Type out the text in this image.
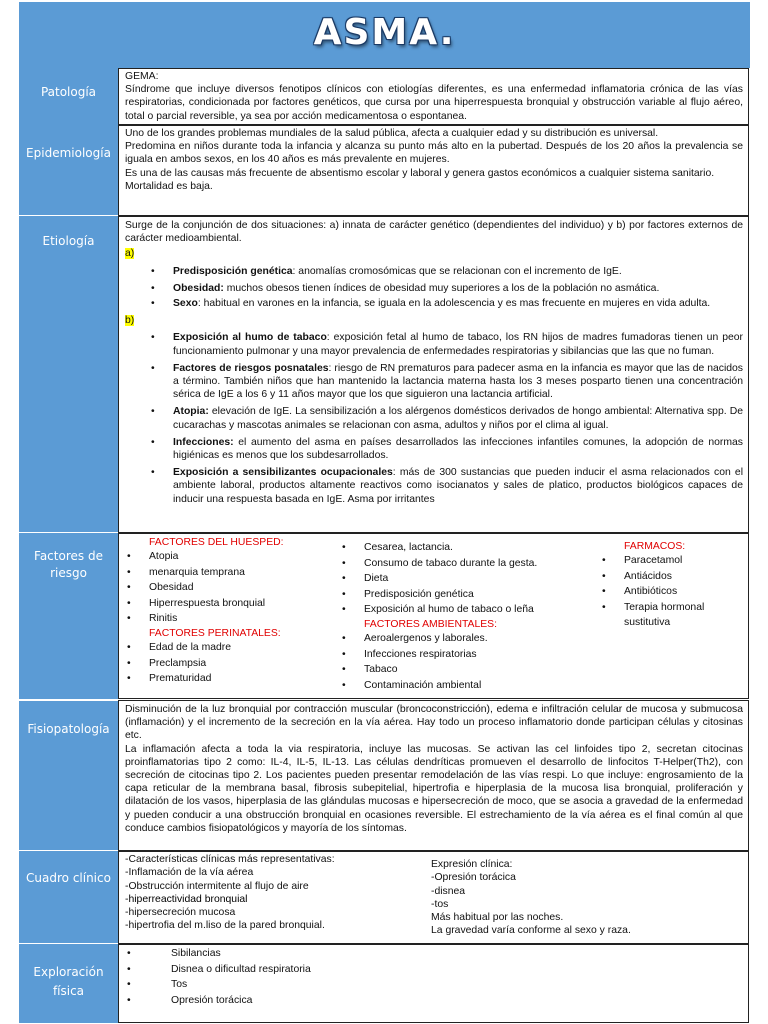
ASMA.
Patología

GEMA:

Síndrome que incluye diversos fenotipos clínicos con etiologías diferentes, es una enfermedad inflamatoria crónica de las vías respiratorias, condicionada por factores genéticos, que cursa por una hiperrespuesta bronquial y obstrucción variable al flujo aéreo, total o parcial reversible, ya sea por acción medicamentosa o espontanea.

Epidemiología

Uno de los grandes problemas mundiales de la salud pública, afecta a cualquier edad y su distribución es universal.

Predomina en niños durante toda la infancia y alcanza su punto más alto en la pubertad. Después de los 20 años la prevalencia se iguala en ambos sexos, en los 40 años es más prevalente en mujeres.

Es una de las causas más frecuente de absentismo escolar y laboral y genera gastos económicos a cualquier sistema sanitario.

Mortalidad es baja.

Etiología

Surge de la conjunción de dos situaciones: a) innata de carácter genético (dependientes del individuo) y b) por factores externos de carácter medioambiental.

a)

• Predisposición genética: anomalías cromosómicas que se relacionan con el incremento de IgE.
• Obesidad: muchos obesos tienen índices de obesidad muy superiores a los de la población no asmática.
• Sexo: habitual en varones en la infancia, se iguala en la adolescencia y es mas frecuente en mujeres en vida adulta.

b)

• Exposición al humo de tabaco: exposición fetal al humo de tabaco, los RN hijos de madres fumadoras tienen un peor funcionamiento pulmonar y una mayor prevalencia de enfermedades respiratorias y sibilancias que las que no fuman.
• Factores de riesgos posnatales: riesgo de RN prematuros para padecer asma en la infancia es mayor que las de nacidos a término. También niños que han mantenido la lactancia materna hasta los 3 meses posparto tienen una concentración sérica de IgE a los 6 y 11 años mayor que los que siguieron una lactancia artificial.
• Atopia: elevación de IgE. La sensibilización a los alérgenos domésticos derivados de hongo ambiental: Alternativa spp. De cucarachas y mascotas animales se relacionan con asma, adultos y niños por el clima al igual.
• Infecciones: el aumento del asma en países desarrollados las infecciones infantiles comunes, la adopción de normas higiénicas es menos que los subdesarrollados.
• Exposición a sensibilizantes ocupacionales: más de 300 sustancias que pueden inducir el asma relacionados con el ambiente laboral, productos altamente reactivos como isocianatos y sales de platico, productos biológicos capaces de inducir una respuesta basada en IgE. Asma por irritantes
Factores de riesgo
FACTORES DEL HUESPED:
• Atopia
• menarquia temprana
• Obesidad
• Hiperrespuesta bronquial
• Rinitis
FACTORES PERINATALES:
• Edad de la madre
• Preclampsia
• Prematuridad
• Cesarea, lactancia.
• Consumo de tabaco durante la gesta.
• Dieta
• Predisposición genética
• Exposición al humo de tabaco o leña
FACTORES AMBIENTALES:
• Aeroalergenos y laborales.
• Infecciones respiratorias
• Tabaco
• Contaminación ambiental
FARMACOS:
• Paracetamol
• Antiácidos
• Antibióticos
• Terapia hormonal sustitutiva
Fisiopatología

Disminución de la luz bronquial por contracción muscular (broncoconstricción), edema e infiltración celular de mucosa y submucosa (inflamación) y el incremento de la secreción en la vía aérea. Hay todo un proceso inflamatorio donde participan células y citosinas etc.

La inflamación afecta a toda la via respiratoria, incluye las mucosas. Se activan las cel linfoides tipo 2, secretan citocinas proinflamatorias tipo 2 como: IL-4, IL-5, IL-13. Las células dendríticas promueven el desarrollo de linfocitos T-Helper(Th2), con secreción de citocinas tipo 2. Los pacientes pueden presentar remodelación de las vías respi. Lo que incluye: engrosamiento de la capa reticular de la membrana basal, fibrosis subepitelial, hipertrofia e hiperplasia de la mucosa lisa bronquial, proliferación y dilatación de los vasos, hiperplasia de las glándulas mucosas e hipersecreción de moco, que se asocia a gravedad de la enfermedad y pueden conducir a una obstrucción bronquial en ocasiones reversible. El estrechamiento de la vía aérea es el final común al que conduce cambios fisiopatológicos y mayoría de los síntomas.

Cuadro clínico

-Características clínicas más representativas:

-Inflamación de la vía aérea

-Obstrucción intermitente al flujo de aire

-hiperreactividad bronquial

-hipersecreción mucosa

-hipertrofia del m.liso de la pared bronquial.

Expresión clínica:

-Opresión torácica

-disnea

-tos

Más habitual por las noches.

La gravedad varía conforme al sexo y raza.

Exploración
física
• Sibilancias
• Disnea o dificultad respiratoria
• Tos
• Opresión torácica
